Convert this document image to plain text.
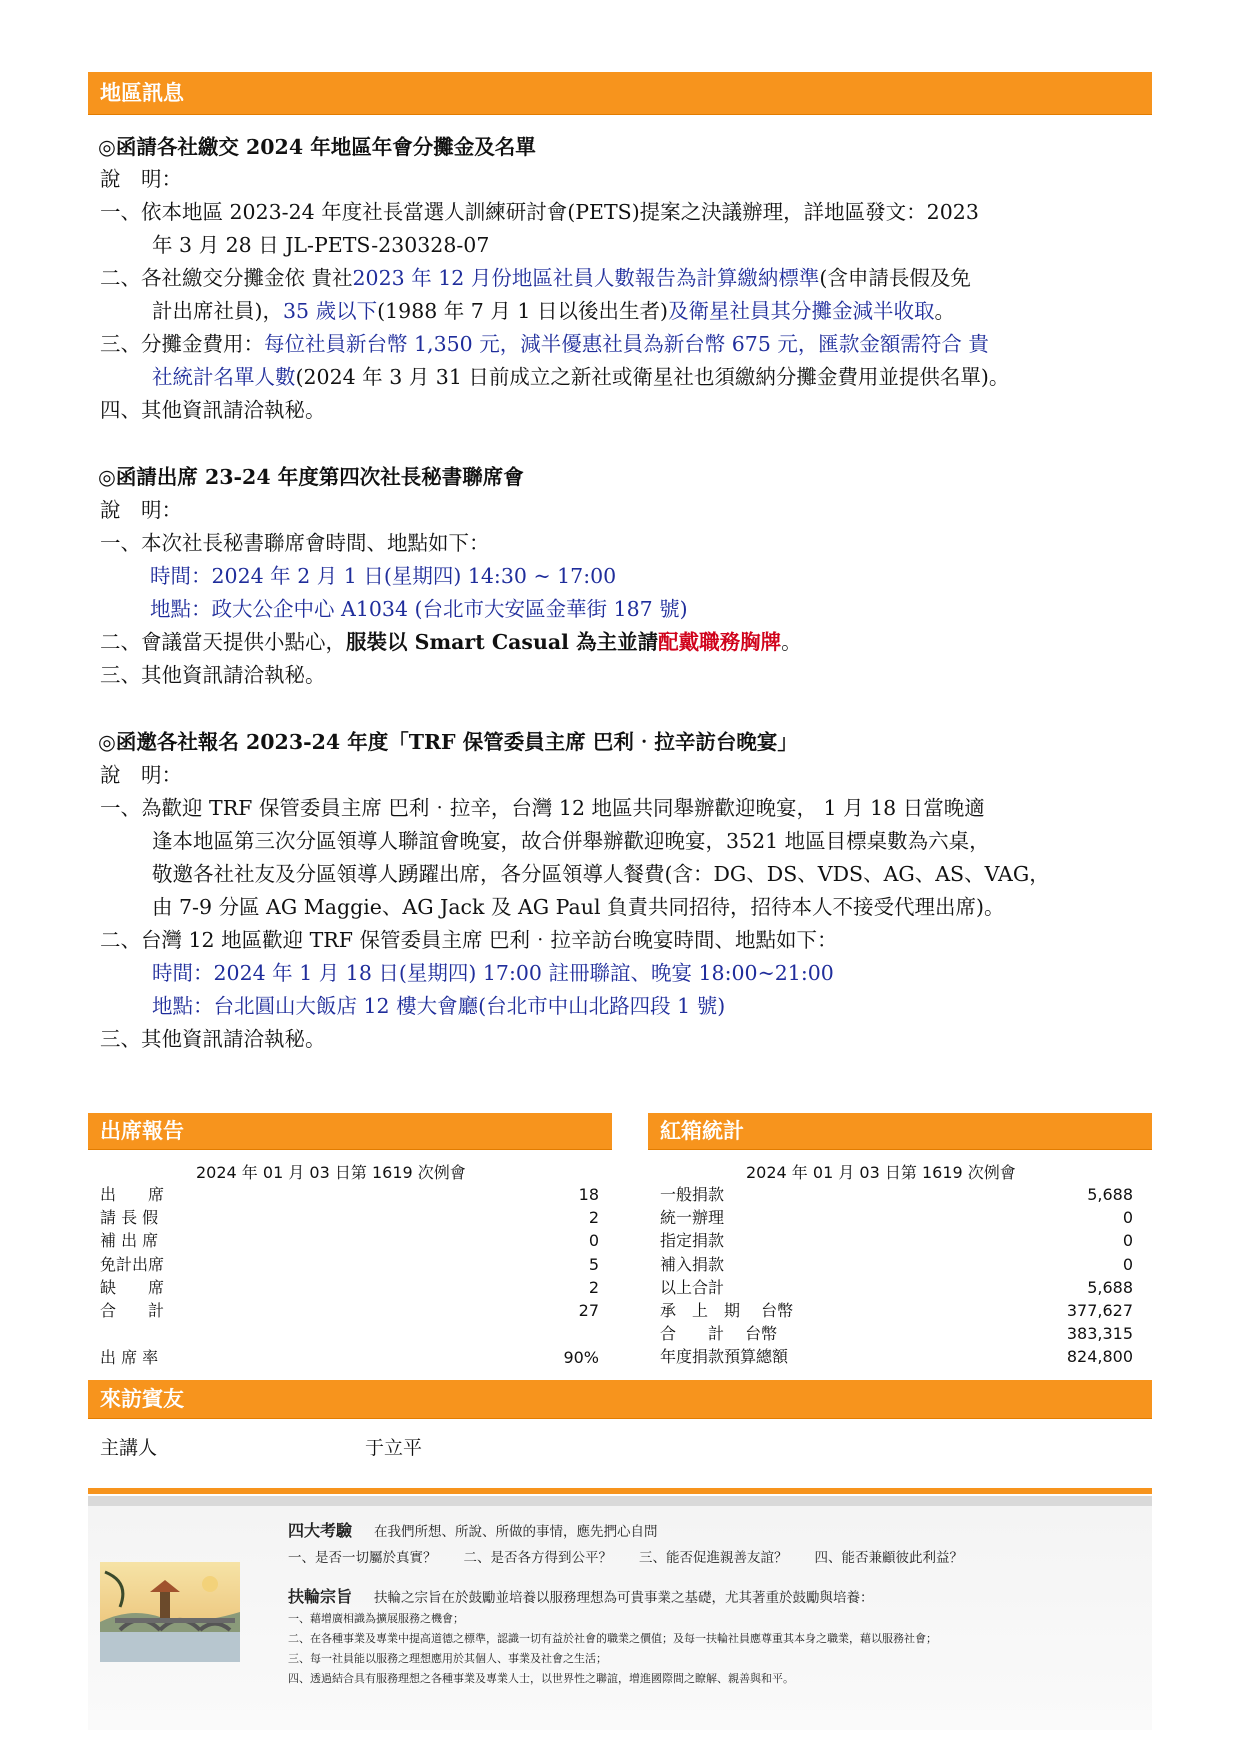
地區訊息
◎函請各社繳交 2024 年地區年會分攤金及名單
說　明：
一、依本地區 2023-24 年度社長當選人訓練研討會(PETS)提案之決議辦理，詳地區發文：2023
年 3 月 28 日 JL-PETS-230328-07
二、各社繳交分攤金依 貴社2023 年 12 月份地區社員人數報告為計算繳納標準(含申請長假及免
計出席社員)，35 歲以下(1988 年 7 月 1 日以後出生者)及衛星社員其分攤金減半收取。
三、分攤金費用：每位社員新台幣 1,350 元，減半優惠社員為新台幣 675 元，匯款金額需符合 貴
社統計名單人數(2024 年 3 月 31 日前成立之新社或衛星社也須繳納分攤金費用並提供名單)。
四、其他資訊請洽執秘。
◎函請出席 23-24 年度第四次社長秘書聯席會
說　明：
一、本次社長秘書聯席會時間、地點如下：
時間：2024 年 2 月 1 日(星期四) 14:30 ~ 17:00
地點：政大公企中心 A1034 (台北市大安區金華街 187 號)
二、會議當天提供小點心，服裝以 Smart Casual 為主並請配戴職務胸牌。
三、其他資訊請洽執秘。
◎函邀各社報名 2023-24 年度「TRF 保管委員主席 巴利‧拉辛訪台晚宴」
說　明：
一、為歡迎 TRF 保管委員主席 巴利‧拉辛，台灣 12 地區共同舉辦歡迎晚宴， 1 月 18 日當晚適
逢本地區第三次分區領導人聯誼會晚宴，故合併舉辦歡迎晚宴，3521 地區目標桌數為六桌，
敬邀各社社友及分區領導人踴躍出席，各分區領導人餐費(含：DG、DS、VDS、AG、AS、VAG，
由 7-9 分區 AG Maggie、AG Jack 及 AG Paul 負責共同招待，招待本人不接受代理出席)。
二、台灣 12 地區歡迎 TRF 保管委員主席 巴利‧拉辛訪台晚宴時間、地點如下：
時間：2024 年 1 月 18 日(星期四) 17:00 註冊聯誼、晚宴 18:00~21:00
地點：台北圓山大飯店 12 樓大會廳(台北市中山北路四段 1 號)
三、其他資訊請洽執秘。
出席報告	紅箱統計
2024 年 01 月 03 日第 1619 次例會
出　　席	18
請 長 假	2
補 出 席	0
免計出席	5
缺　　席	2
合　　計	27
出 席 率	90%
2024 年 01 月 03 日第 1619 次例會
一般捐款	5,688
統一辦理	0
指定捐款	0
補入捐款	0
以上合計	5,688
承　上　期　 台幣	377,627
合　　計　 台幣	383,315
年度捐款預算總額	824,800
來訪賓友
主講人	于立平
四大考驗 在我們所想、所說、所做的事情，應先捫心自問
一、是否一切屬於真實？　　二、是否各方得到公平？　　三、能否促進親善友誼？　　四、能否兼顧彼此利益？
扶輪宗旨 扶輪之宗旨在於鼓勵並培養以服務理想為可貴事業之基礎，尤其著重於鼓勵與培養：
一、藉增廣相識為擴展服務之機會；
二、在各種事業及專業中提高道德之標準，認識一切有益於社會的職業之價值；及每一扶輪社員應尊重其本身之職業，藉以服務社會；
三、每一社員能以服務之理想應用於其個人、事業及社會之生活；
四、透過結合具有服務理想之各種事業及專業人士，以世界性之聯誼，增進國際間之瞭解、親善與和平。
